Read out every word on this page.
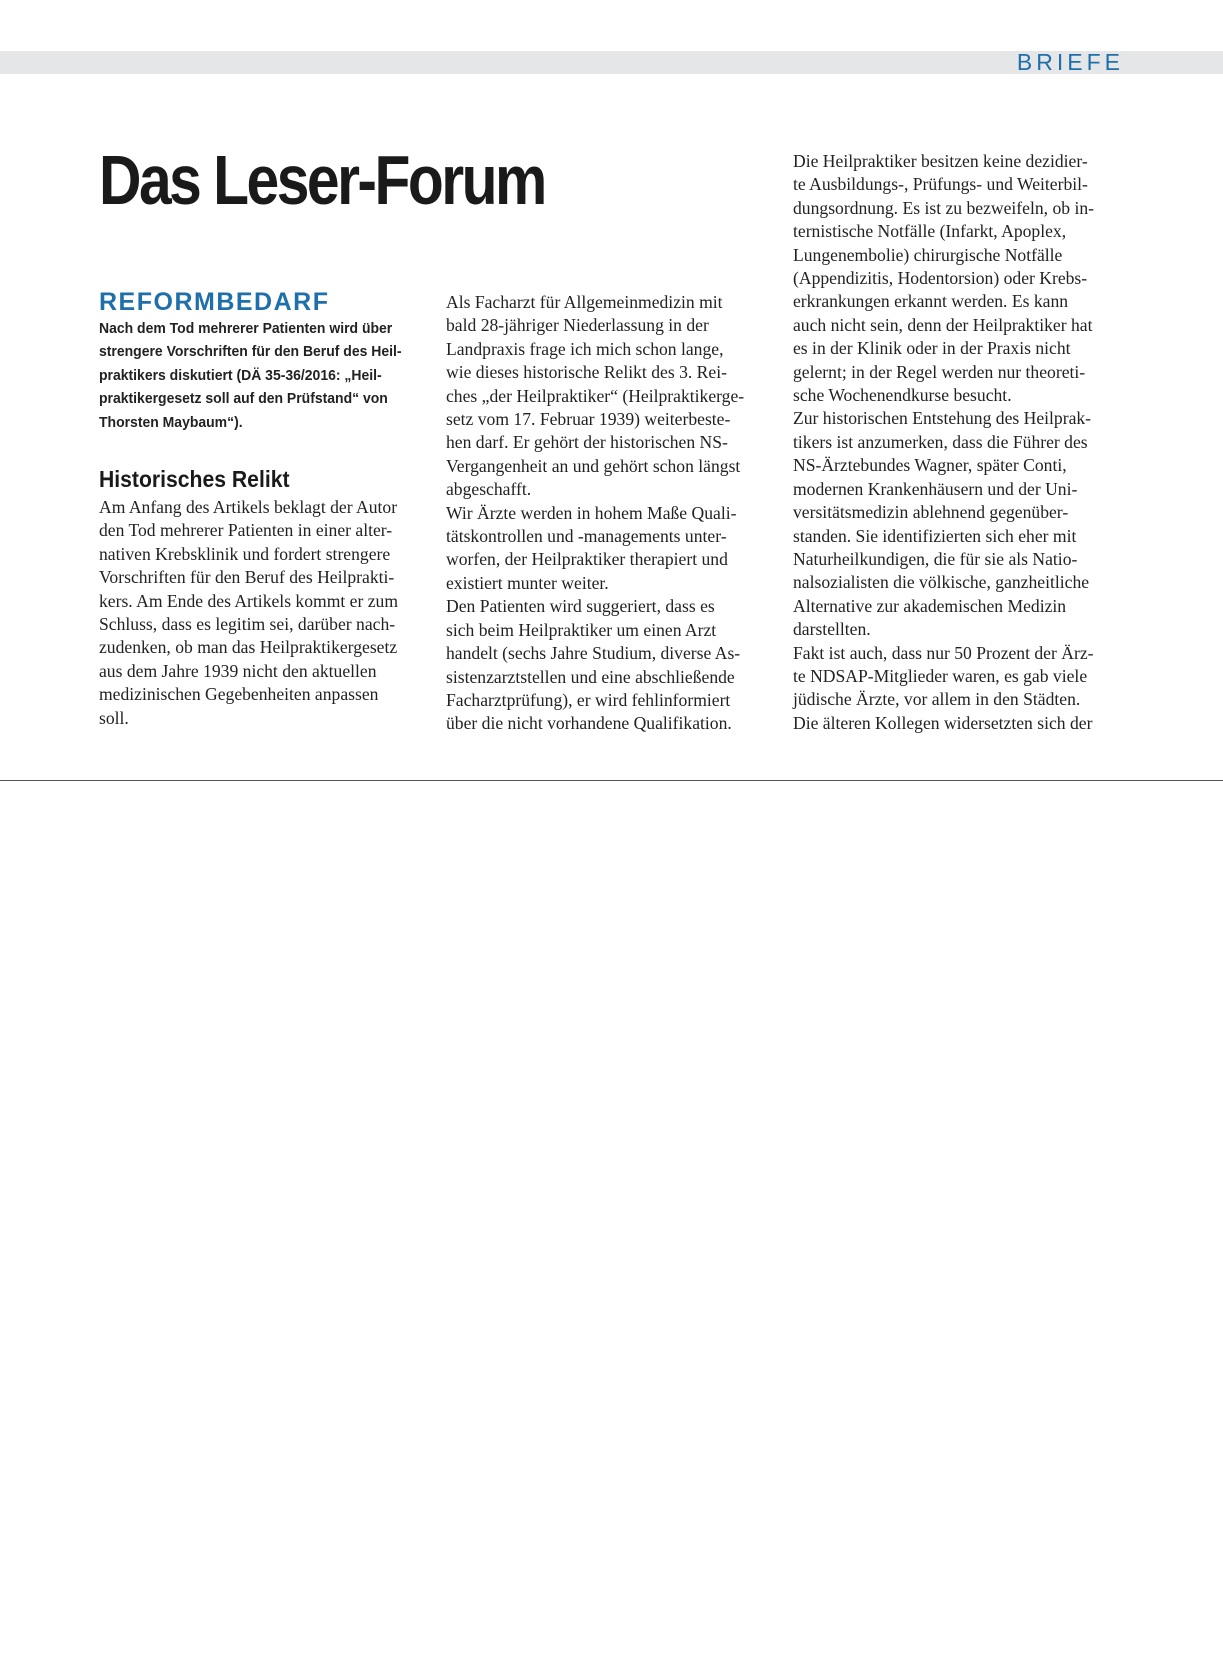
BRIEFE
Das Leser-Forum
REFORMBEDARF

Nach dem Tod mehrerer Patienten wird über
strengere Vorschriften für den Beruf des Heil-
praktikers diskutiert (DÄ 35-36/2016: „Heil-
praktikergesetz soll auf den Prüfstand“ von
Thorsten Maybaum“).

Historisches Relikt

Am Anfang des Artikels beklagt der Autor
den Tod mehrerer Patienten in einer alter-
nativen Krebsklinik und fordert strengere
Vorschriften für den Beruf des Heilprakti-
kers. Am Ende des Artikels kommt er zum
Schluss, dass es legitim sei, darüber nach-
zudenken, ob man das Heilpraktikergesetz
aus dem Jahre 1939 nicht den aktuellen
medizinischen Gegebenheiten anpassen
soll.

Als Facharzt für Allgemeinmedizin mit
bald 28-jähriger Niederlassung in der
Landpraxis frage ich mich schon lange,
wie dieses historische Relikt des 3. Rei-
ches „der Heilpraktiker“ (Heilpraktikerge-
setz vom 17. Februar 1939) weiterbeste-
hen darf. Er gehört der historischen NS-
Vergangenheit an und gehört schon längst
abgeschafft.
Wir Ärzte werden in hohem Maße Quali-
tätskontrollen und -managements unter-
worfen, der Heilpraktiker therapiert und
existiert munter weiter.
Den Patienten wird suggeriert, dass es
sich beim Heilpraktiker um einen Arzt
handelt (sechs Jahre Studium, diverse As-
sistenzarztstellen und eine abschließende
Facharztprüfung), er wird fehlinformiert
über die nicht vorhandene Qualifikation.

Die Heilpraktiker besitzen keine dezidier-
te Ausbildungs-, Prüfungs- und Weiterbil-
dungsordnung. Es ist zu bezweifeln, ob in-
ternistische Notfälle (Infarkt, Apoplex,
Lungenembolie) chirurgische Notfälle
(Appendizitis, Hodentorsion) oder Krebs-
erkrankungen erkannt werden. Es kann
auch nicht sein, denn der Heilpraktiker hat
es in der Klinik oder in der Praxis nicht
gelernt; in der Regel werden nur theoreti-
sche Wochenendkurse besucht.
Zur historischen Entstehung des Heilprak-
tikers ist anzumerken, dass die Führer des
NS-Ärztebundes Wagner, später Conti,
modernen Krankenhäusern und der Uni-
versitätsmedizin ablehnend gegenüber-
standen. Sie identifizierten sich eher mit
Naturheilkundigen, die für sie als Natio-
nalsozialisten die völkische, ganzheitliche
Alternative zur akademischen Medizin
darstellten.
Fakt ist auch, dass nur 50 Prozent der Ärz-
te NDSAP-Mitglieder waren, es gab viele
jüdische Ärzte, vor allem in den Städten.
Die älteren Kollegen widersetzten sich der
